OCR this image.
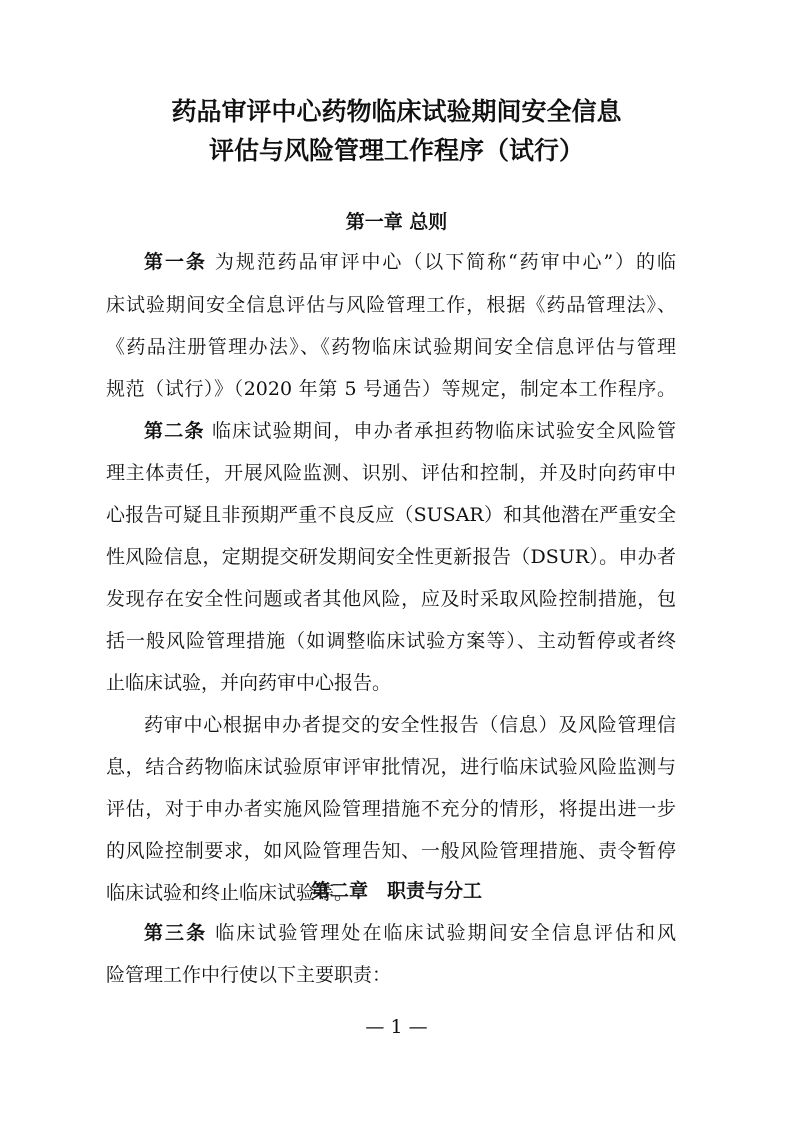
药品审评中心药物临床试验期间安全信息
评估与风险管理工作程序（试行）
第一章 总则
第一条 为规范药品审评中心（以下简称“药审中心”）的临
床试验期间安全信息评估与风险管理工作，根据《药品管理法》、
《药品注册管理办法》、《药物临床试验期间安全信息评估与管理
规范（试行）》（2020 年第 5 号通告）等规定，制定本工作程序。
第二条 临床试验期间，申办者承担药物临床试验安全风险管
理主体责任，开展风险监测、识别、评估和控制，并及时向药审中
心报告可疑且非预期严重不良反应（SUSAR）和其他潜在严重安全
性风险信息，定期提交研发期间安全性更新报告（DSUR）。申办者
发现存在安全性问题或者其他风险，应及时采取风险控制措施，包
括一般风险管理措施（如调整临床试验方案等）、主动暂停或者终
止临床试验，并向药审中心报告。
药审中心根据申办者提交的安全性报告（信息）及风险管理信
息，结合药物临床试验原审评审批情况，进行临床试验风险监测与
评估，对于申办者实施风险管理措施不充分的情形，将提出进一步
的风险控制要求，如风险管理告知、一般风险管理措施、责令暂停
临床试验和终止临床试验等。
第二章　职责与分工
第三条 临床试验管理处在临床试验期间安全信息评估和风
险管理工作中行使以下主要职责：
— 1 —
